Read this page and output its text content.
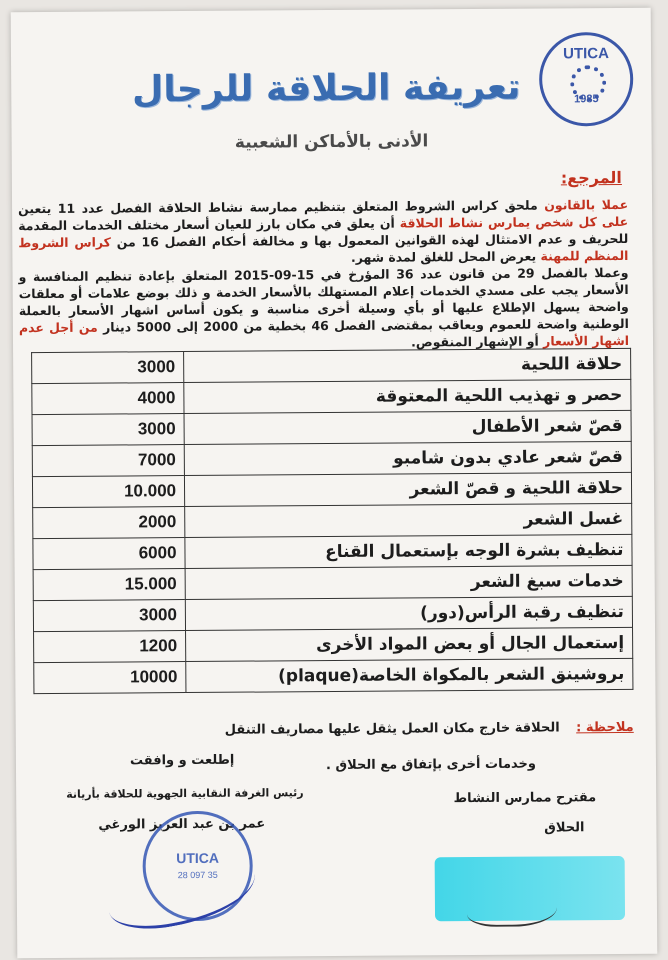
UTICA
1985
تعريفة الحلاقة للرجال
الأدنى بالأماكن الشعبية
المرجع:

عملا بالقانون ملحق كراس الشروط المتعلق بتنظيم ممارسة نشاط الحلاقة الفصل عدد 11 يتعين على كل شخص يمارس نشاط الحلاقة أن يعلق في مكان بارز للعيان أسعار مختلف الخدمات المقدمة للحريف و عدم الامتثال لهذه القوانين المعمول بها و مخالفة أحكام الفصل 16 من كراس الشروط المنظم للمهنة يعرض المحل للغلق لمدة شهر.

وعملا بالفصل 29 من قانون عدد 36 المؤرخ في 15-09-2015 المتعلق بإعادة تنظيم المنافسة و الأسعار يجب على مسدي الخدمات إعلام المستهلك بالأسعار الخدمة و ذلك بوضع علامات أو معلقات واضحة يسهل الإطلاع عليها أو بأي وسيلة أخرى مناسبة و يكون أساس اشهار الأسعار بالعملة الوطنية واضحة للعموم ويعاقب بمقتضى الفصل 46 بخطية من 2000 إلى 5000 دينار من أجل عدم اشهار الأسعار أو الإشهار المنقوص.

حلاقة اللحية	3000
حصر و تهذيب اللحية المعتوقة	4000
قصّ شعر الأطفال	3000
قصّ شعر عادي بدون شامبو	7000
حلاقة اللحية و قصّ الشعر	10.000
غسل الشعر	2000
تنظيف بشرة الوجه بإستعمال القناع	6000
خدمات سبغ الشعر	15.000
تنظيف رقبة الرأس(دور)	3000
إستعمال الجال أو بعض المواد الأخرى	1200
بروشينق الشعر بالمكواة الخاصة(plaque)	10000
ملاحظة :
الحلاقة خارج مكان العمل يثقل عليها مصاريف التنقل
وخدمات أخرى بإتفاق مع الحلاق .
إطلعت و وافقت
رئيس الغرفة النقابية الجهوية للحلاقة بأريانة
عمر بن عبد العزيز الورغي
مقترح ممارس النشاط
الحلاق
UTICA
35 097 28
